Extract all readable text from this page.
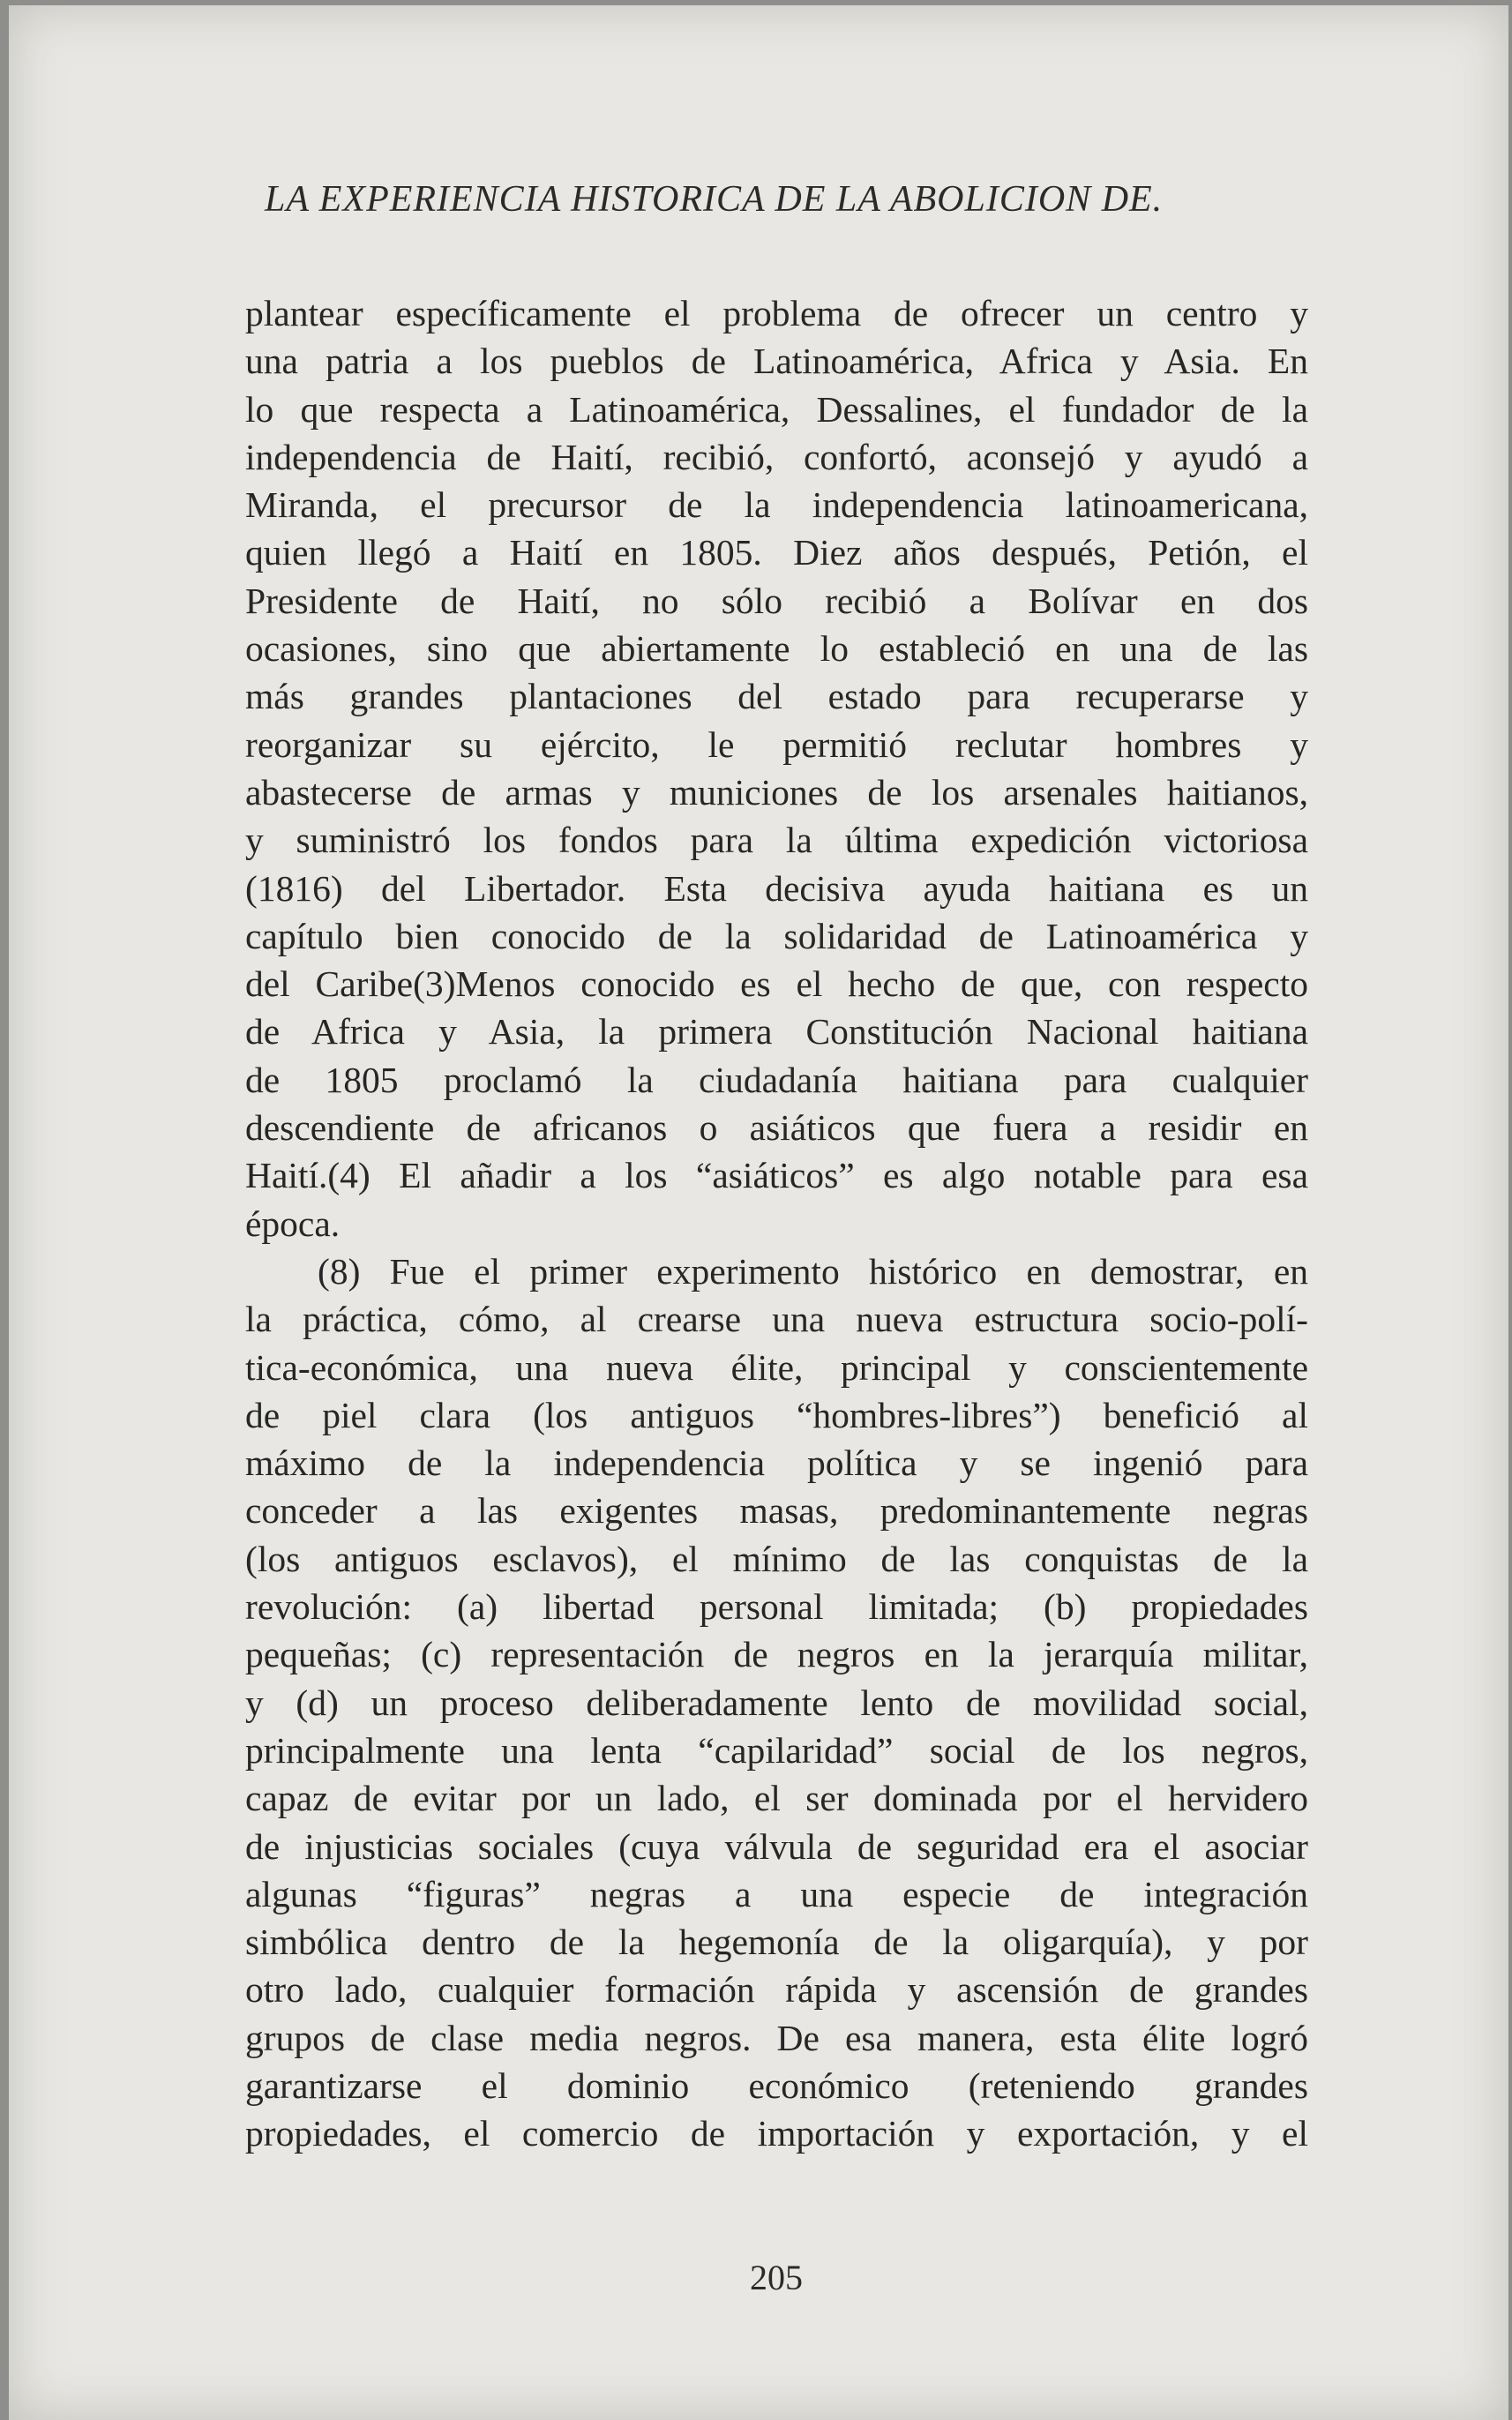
LA EXPERIENCIA HISTORICA DE LA ABOLICION DE.
plantear específicamente el problema de ofrecer un centro y
una patria a los pueblos de Latinoamérica, Africa y Asia. En
lo que respecta a Latinoamérica, Dessalines, el fundador de la
independencia de Haití, recibió, confortó, aconsejó y ayudó a
Miranda, el precursor de la independencia latinoamericana,
quien llegó a Haití en 1805. Diez años después, Petión, el
Presidente de Haití, no sólo recibió a Bolívar en dos
ocasiones, sino que abiertamente lo estableció en una de las
más grandes plantaciones del estado para recuperarse y
reorganizar su ejército, le permitió reclutar hombres y
abastecerse de armas y municiones de los arsenales haitianos,
y suministró los fondos para la última expedición victoriosa
(1816) del Libertador. Esta decisiva ayuda haitiana es un
capítulo bien conocido de la solidaridad de Latinoamérica y
del Caribe(3)Menos conocido es el hecho de que, con respecto
de Africa y Asia, la primera Constitución Nacional haitiana
de 1805 proclamó la ciudadanía haitiana para cualquier
descendiente de africanos o asiáticos que fuera a residir en
Haití.(4) El añadir a los “asiáticos” es algo notable para esa
época.
(8) Fue el primer experimento histórico en demostrar, en
la práctica, cómo, al crearse una nueva estructura socio-polí-
tica-económica, una nueva élite, principal y conscientemente
de piel clara (los antiguos “hombres-libres”) benefició al
máximo de la independencia política y se ingenió para
conceder a las exigentes masas, predominantemente negras
(los antiguos esclavos), el mínimo de las conquistas de la
revolución: (a) libertad personal limitada; (b) propiedades
pequeñas; (c) representación de negros en la jerarquía militar,
y (d) un proceso deliberadamente lento de movilidad social,
principalmente una lenta “capilaridad” social de los negros,
capaz de evitar por un lado, el ser dominada por el hervidero
de injusticias sociales (cuya válvula de seguridad era el asociar
algunas “figuras” negras a una especie de integración
simbólica dentro de la hegemonía de la oligarquía), y por
otro lado, cualquier formación rápida y ascensión de grandes
grupos de clase media negros. De esa manera, esta élite logró
garantizarse el dominio económico (reteniendo grandes
propiedades, el comercio de importación y exportación, y el
205
